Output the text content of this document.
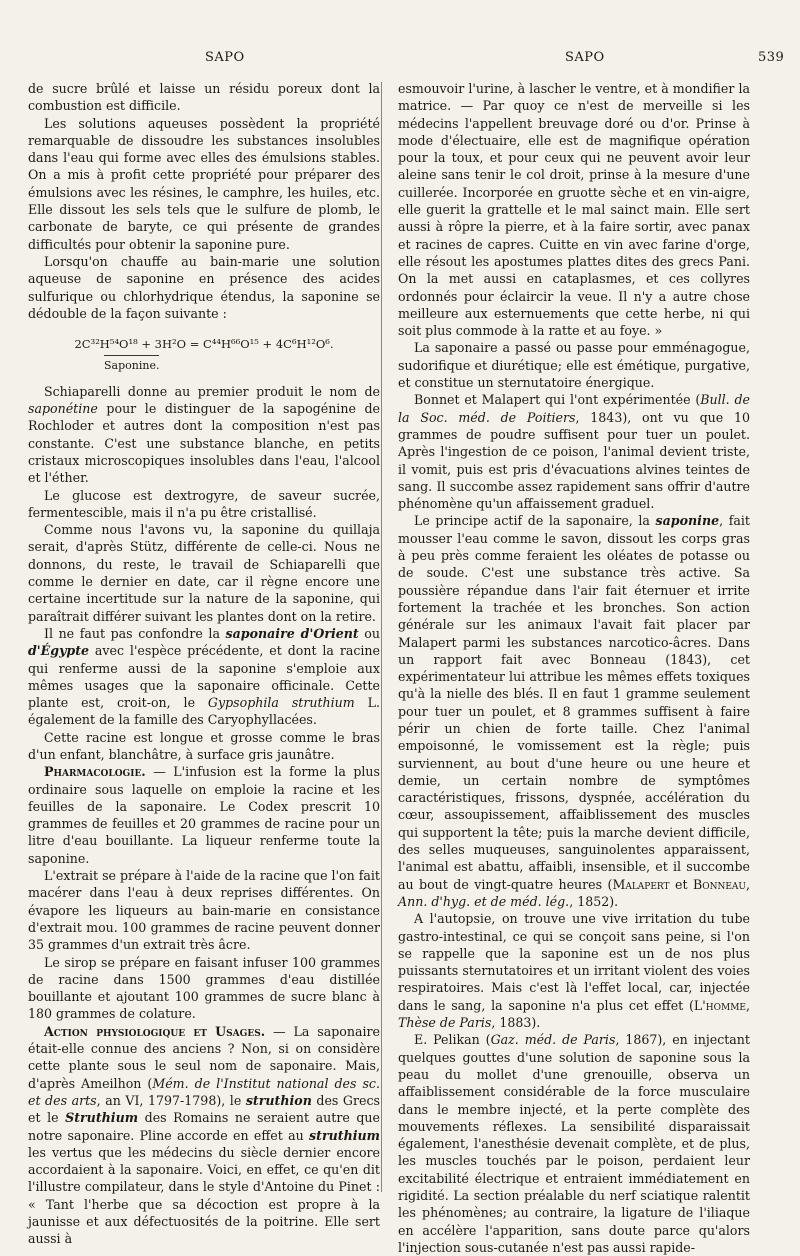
SAPO	SAPO	539

de sucre brûlé et laisse un résidu poreux dont la combustion est difficile.

Les solutions aqueuses possèdent la propriété remarquable de dissoudre les substances insolubles dans l'eau qui forme avec elles des émulsions stables. On a mis à profit cette propriété pour préparer des émulsions avec les résines, le camphre, les huiles, etc. Elle dissout les sels tels que le sulfure de plomb, le carbonate de baryte, ce qui présente de grandes difficultés pour obtenir la saponine pure.

Lorsqu'on chauffe au bain-marie une solution aqueuse de saponine en présence des acides sulfurique ou chlorhydrique étendus, la saponine se dédouble de la façon suivante :

2C³²H⁵⁴O¹⁸ + 3H²O = C⁴⁴H⁶⁶O¹⁵ + 4C⁶H¹²O⁶.

Saponine.

Schiaparelli donne au premier produit le nom de saponétine pour le distinguer de la sapogénine de Rochloder et autres dont la composition n'est pas constante. C'est une substance blanche, en petits cristaux microscopiques insolubles dans l'eau, l'alcool et l'éther.

Le glucose est dextrogyre, de saveur sucrée, fermentescible, mais il n'a pu être cristallisé.

Comme nous l'avons vu, la saponine du quillaja serait, d'après Stütz, différente de celle-ci. Nous ne donnons, du reste, le travail de Schiaparelli que comme le dernier en date, car il règne encore une certaine incertitude sur la nature de la saponine, qui paraîtrait différer suivant les plantes dont on la retire.

Il ne faut pas confondre la saponaire d'Orient ou d'Égypte avec l'espèce précédente, et dont la racine qui renferme aussi de la saponine s'emploie aux mêmes usages que la saponaire officinale. Cette plante est, croit-on, le Gypsophila struthium L. également de la famille des Caryophyllacées.

Cette racine est longue et grosse comme le bras d'un enfant, blanchâtre, à surface gris jaunâtre.

Pharmacologie. — L'infusion est la forme la plus ordinaire sous laquelle on emploie la racine et les feuilles de la saponaire. Le Codex prescrit 10 grammes de feuilles et 20 grammes de racine pour un litre d'eau bouillante. La liqueur renferme toute la saponine.

L'extrait se prépare à l'aide de la racine que l'on fait macérer dans l'eau à deux reprises différentes. On évapore les liqueurs au bain-marie en consistance d'extrait mou. 100 grammes de racine peuvent donner 35 grammes d'un extrait très âcre.

Le sirop se prépare en faisant infuser 100 grammes de racine dans 1500 grammes d'eau distillée bouillante et ajoutant 100 grammes de sucre blanc à 180 grammes de colature.

Action physiologique et Usages. — La saponaire était-elle connue des anciens ? Non, si on considère cette plante sous le seul nom de saponaire. Mais, d'après Ameilhon (Mém. de l'Institut national des sc. et des arts, an VI, 1797-1798), le struthion des Grecs et le Struthium des Romains ne seraient autre que notre saponaire. Pline accorde en effet au struthium les vertus que les médecins du siècle dernier encore accordaient à la saponaire. Voici, en effet, ce qu'en dit l'illustre compilateur, dans le style d'Antoine du Pinet : « Tant l'herbe que sa décoction est propre à la jaunisse et aux défectuosités de la poitrine. Elle sert aussi à

esmouvoir l'urine, à lascher le ventre, et à mondifier la matrice. — Par quoy ce n'est de merveille si les médecins l'appellent breuvage doré ou d'or. Prinse à mode d'électuaire, elle est de magnifique opération pour la toux, et pour ceux qui ne peuvent avoir leur aleine sans tenir le col droit, prinse à la mesure d'une cuillerée. Incorporée en gruotte sèche et en vin-aigre, elle guerit la grattelle et le mal sainct main. Elle sert aussi à rôpre la pierre, et à la faire sortir, avec panax et racines de capres. Cuitte en vin avec farine d'orge, elle résout les apostumes plattes dites des grecs Pani. On la met aussi en cataplasmes, et ces collyres ordonnés pour éclaircir la veue. Il n'y a autre chose meilleure aux esternuements que cette herbe, ni qui soit plus commode à la ratte et au foye. »

La saponaire a passé ou passe pour emménagogue, sudorifique et diurétique; elle est émétique, purgative, et constitue un sternutatoire énergique.

Bonnet et Malapert qui l'ont expérimentée (Bull. de la Soc. méd. de Poitiers, 1843), ont vu que 10 grammes de poudre suffisent pour tuer un poulet. Après l'ingestion de ce poison, l'animal devient triste, il vomit, puis est pris d'évacuations alvines teintes de sang. Il succombe assez rapidement sans offrir d'autre phénomène qu'un affaissement graduel.

Le principe actif de la saponaire, la saponine, fait mousser l'eau comme le savon, dissout les corps gras à peu près comme feraient les oléates de potasse ou de soude. C'est une substance très active. Sa poussière répandue dans l'air fait éternuer et irrite fortement la trachée et les bronches. Son action générale sur les animaux l'avait fait placer par Malapert parmi les substances narcotico-âcres. Dans un rapport fait avec Bonneau (1843), cet expérimentateur lui attribue les mêmes effets toxiques qu'à la nielle des blés. Il en faut 1 gramme seulement pour tuer un poulet, et 8 grammes suffisent à faire périr un chien de forte taille. Chez l'animal empoisonné, le vomissement est la règle; puis surviennent, au bout d'une heure ou une heure et demie, un certain nombre de symptômes caractéristiques, frissons, dyspnée, accélération du cœur, assoupissement, affaiblissement des muscles qui supportent la tête; puis la marche devient difficile, des selles muqueuses, sanguinolentes apparaissent, l'animal est abattu, affaibli, insensible, et il succombe au bout de vingt-quatre heures (Malapert et Bonneau, Ann. d'hyg. et de méd. lég., 1852).

A l'autopsie, on trouve une vive irritation du tube gastro-intestinal, ce qui se conçoit sans peine, si l'on se rappelle que la saponine est un de nos plus puissants sternutatoires et un irritant violent des voies respiratoires. Mais c'est là l'effet local, car, injectée dans le sang, la saponine n'a plus cet effet (L'homme, Thèse de Paris, 1883).

E. Pelikan (Gaz. méd. de Paris, 1867), en injectant quelques gouttes d'une solution de saponine sous la peau du mollet d'une grenouille, observa un affaiblissement considérable de la force musculaire dans le membre injecté, et la perte complète des mouvements réflexes. La sensibilité disparaissait également, l'anesthésie devenait complète, et de plus, les muscles touchés par le poison, perdaient leur excitabilité électrique et entraient immédiatement en rigidité. La section préalable du nerf sciatique ralentit les phénomènes; au contraire, la ligature de l'iliaque en accélère l'apparition, sans doute parce qu'alors l'injection sous-cutanée n'est pas aussi rapide-
